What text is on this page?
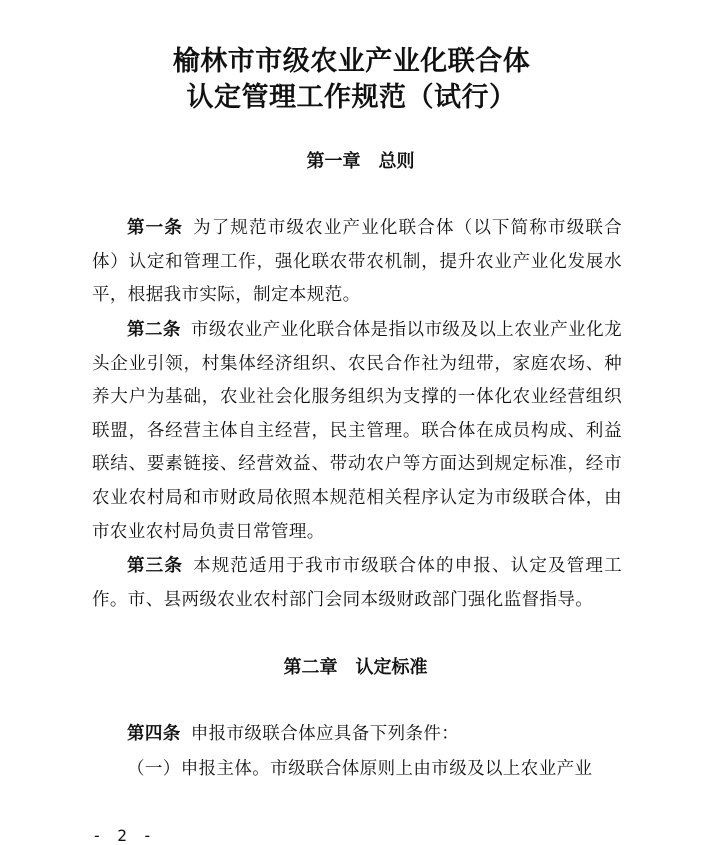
榆林市市级农业产业化联合体
认定管理工作规范（试行）
第一章　总则
第一条 为了规范市级农业产业化联合体（以下简称市级联合体）认定和管理工作，强化联农带农机制，提升农业产业化发展水平，根据我市实际，制定本规范。
第二条 市级农业产业化联合体是指以市级及以上农业产业化龙头企业引领，村集体经济组织、农民合作社为纽带，家庭农场、种养大户为基础，农业社会化服务组织为支撑的一体化农业经营组织联盟，各经营主体自主经营，民主管理。联合体在成员构成、利益联结、要素链接、经营效益、带动农户等方面达到规定标准，经市农业农村局和市财政局依照本规范相关程序认定为市级联合体，由市农业农村局负责日常管理。
第三条 本规范适用于我市市级联合体的申报、认定及管理工作。市、县两级农业农村部门会同本级财政部门强化监督指导。
第二章　认定标准
第四条 申报市级联合体应具备下列条件：
（一）申报主体。市级联合体原则上由市级及以上农业产业
- 2 -
